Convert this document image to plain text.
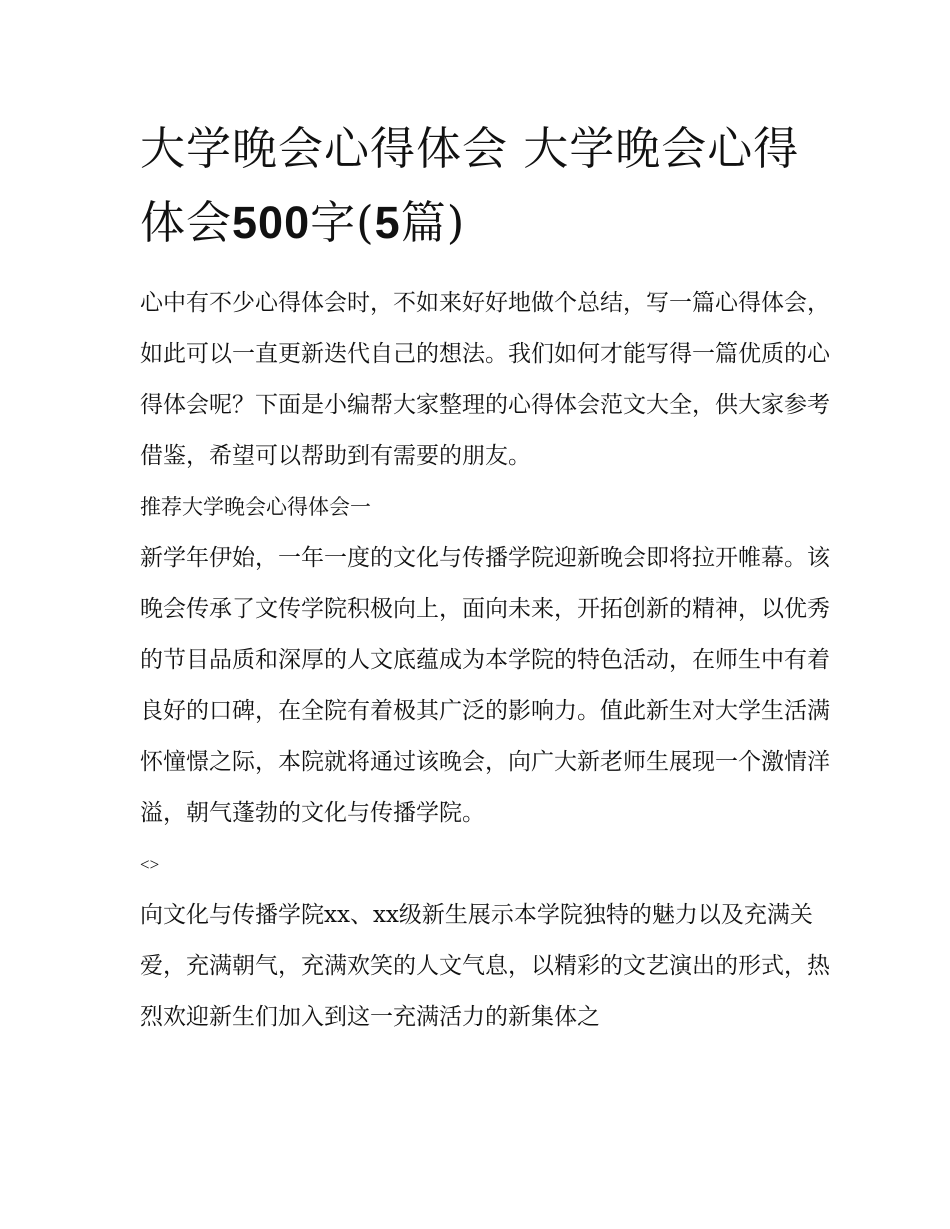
大学晚会心得体会 大学晚会心得体会500字(5篇)

心中有不少心得体会时，不如来好好地做个总结，写一篇心得体会，如此可以一直更新迭代自己的想法。我们如何才能写得一篇优质的心得体会呢？下面是小编帮大家整理的心得体会范文大全，供大家参考借鉴，希望可以帮助到有需要的朋友。

推荐大学晚会心得体会一

新学年伊始，一年一度的文化与传播学院迎新晚会即将拉开帷幕。该晚会传承了文传学院积极向上，面向未来，开拓创新的精神，以优秀的节目品质和深厚的人文底蕴成为本学院的特色活动，在师生中有着良好的口碑，在全院有着极其广泛的影响力。值此新生对大学生活满怀憧憬之际，本院就将通过该晚会，向广大新老师生展现一个激情洋溢，朝气蓬勃的文化与传播学院。

<>

向文化与传播学院xx、xx级新生展示本学院独特的魅力以及充满关爱，充满朝气，充满欢笑的人文气息，以精彩的文艺演出的形式，热烈欢迎新生们加入到这一充满活力的新集体之
